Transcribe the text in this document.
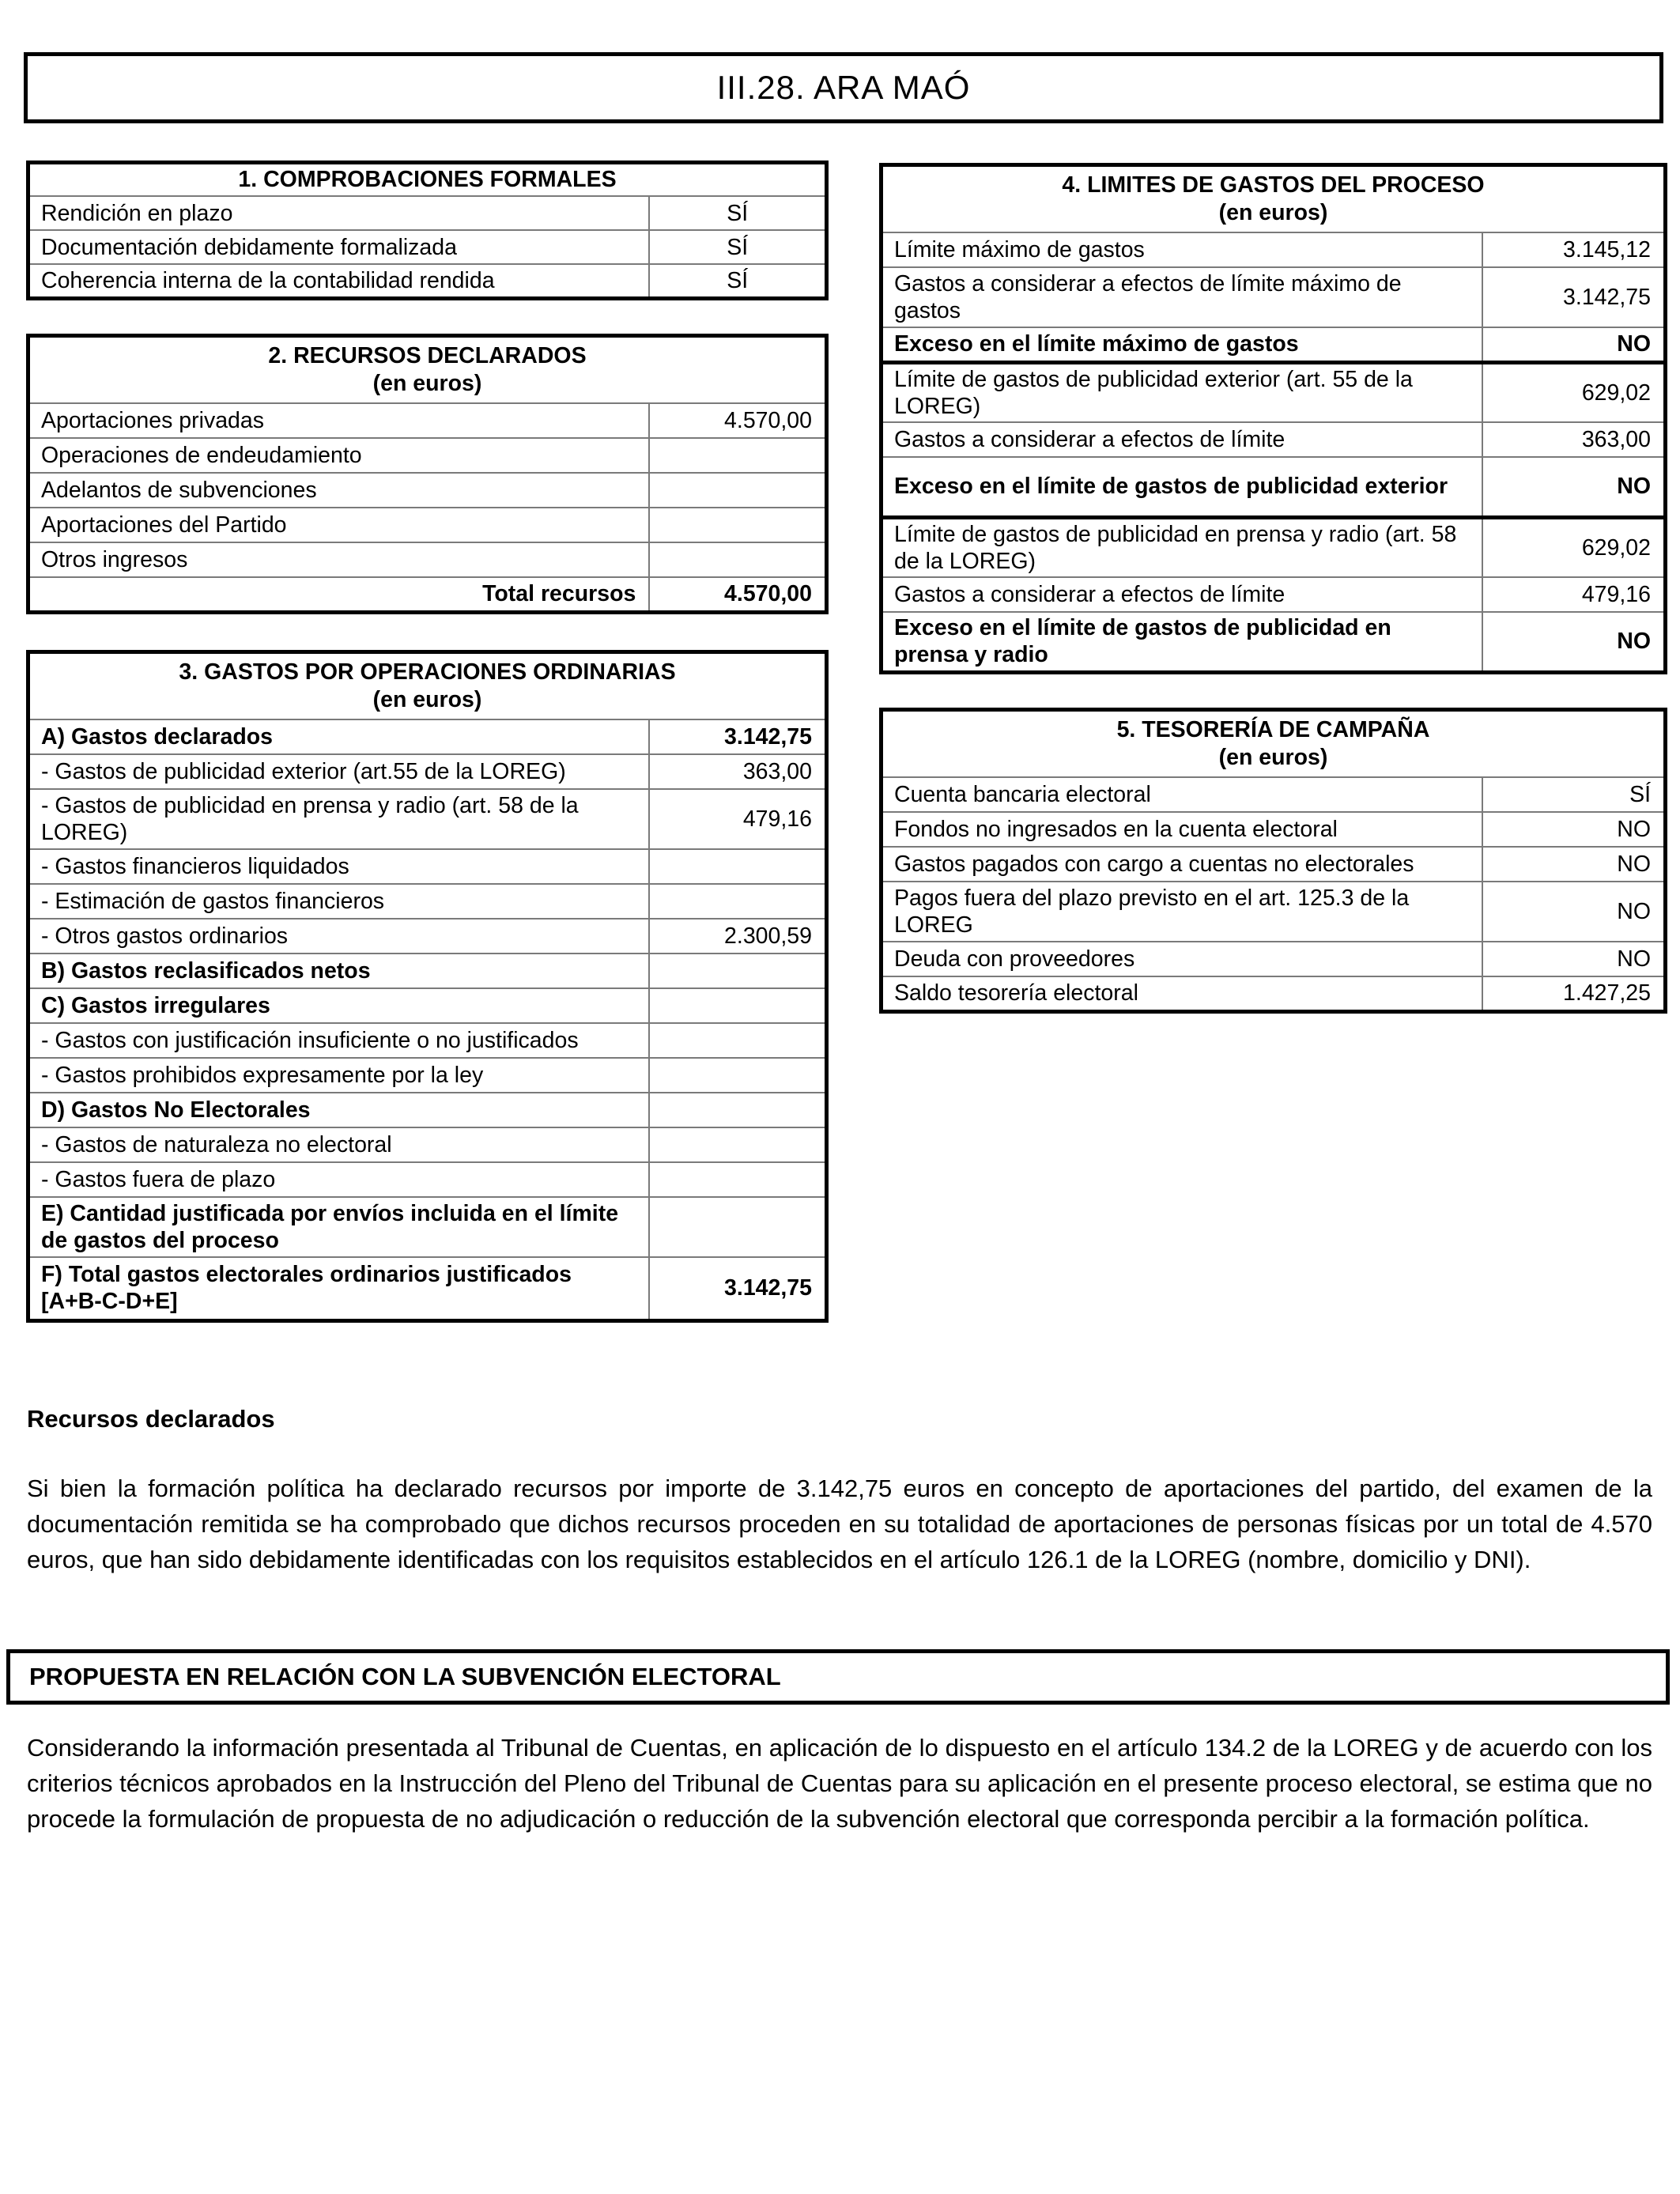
III.28. ARA MAÓ
1. COMPROBACIONES FORMALES	
Rendición en plazo	SÍ
Documentación debidamente formalizada	SÍ
Coherencia interna de la contabilidad rendida	SÍ
2. RECURSOS DECLARADOS
(en euros)	

Aportaciones privadas	4.570,00
Operaciones de endeudamiento	
Adelantos de subvenciones	
Aportaciones del Partido	
Otros ingresos	
Total recursos	4.570,00
3. GASTOS POR OPERACIONES ORDINARIAS
(en euros)	

A) Gastos declarados	3.142,75
- Gastos de publicidad exterior (art.55 de la LOREG)	363,00
- Gastos de publicidad en prensa y radio (art. 58 de la LOREG)	479,16
- Gastos financieros liquidados	
- Estimación de gastos financieros	
- Otros gastos ordinarios	2.300,59
B) Gastos reclasificados netos	
C) Gastos irregulares	
- Gastos con justificación insuficiente o no justificados	
- Gastos prohibidos expresamente por la ley	
D) Gastos No Electorales	
- Gastos de naturaleza no electoral	
- Gastos fuera de plazo	
E) Cantidad justificada por envíos incluida en el límite de gastos del proceso	
F) Total gastos electorales ordinarios justificados [A+B-C-D+E]	3.142,75
4. LIMITES DE GASTOS DEL PROCESO
(en euros)	

Límite máximo de gastos	3.145,12
Gastos a considerar a efectos de límite máximo de gastos	3.142,75
Exceso en el límite máximo de gastos	NO
Límite de gastos de publicidad exterior (art. 55 de la LOREG)	629,02
Gastos a considerar a efectos de límite	363,00
Exceso en el límite de gastos de publicidad exterior	NO
Límite de gastos de publicidad en prensa y radio (art. 58 de la LOREG)	629,02
Gastos a considerar a efectos de límite	479,16
Exceso en el límite de gastos de publicidad en prensa y radio	NO
5. TESORERÍA DE CAMPAÑA
(en euros)	

Cuenta bancaria electoral	SÍ
Fondos no ingresados en la cuenta electoral	NO
Gastos pagados con cargo a cuentas no electorales	NO
Pagos fuera del plazo previsto en el art. 125.3 de la LOREG	NO
Deuda con proveedores	NO
Saldo tesorería electoral	1.427,25
Recursos declarados
Si bien la formación política ha declarado recursos por importe de 3.142,75 euros en concepto de aportaciones del partido, del examen de la documentación remitida se ha comprobado que dichos recursos proceden en su totalidad de aportaciones de personas físicas por un total de 4.570 euros, que han sido debidamente identificadas con los requisitos establecidos en el artículo 126.1 de la LOREG (nombre, domicilio y DNI).
PROPUESTA EN RELACIÓN CON LA SUBVENCIÓN ELECTORAL
Considerando la información presentada al Tribunal de Cuentas, en aplicación de lo dispuesto en el artículo 134.2 de la LOREG y de acuerdo con los criterios técnicos aprobados en la Instrucción del Pleno del Tribunal de Cuentas para su aplicación en el presente proceso electoral, se estima que no procede la formulación de propuesta de no adjudicación o reducción de la subvención electoral que corresponda percibir a la formación política.
